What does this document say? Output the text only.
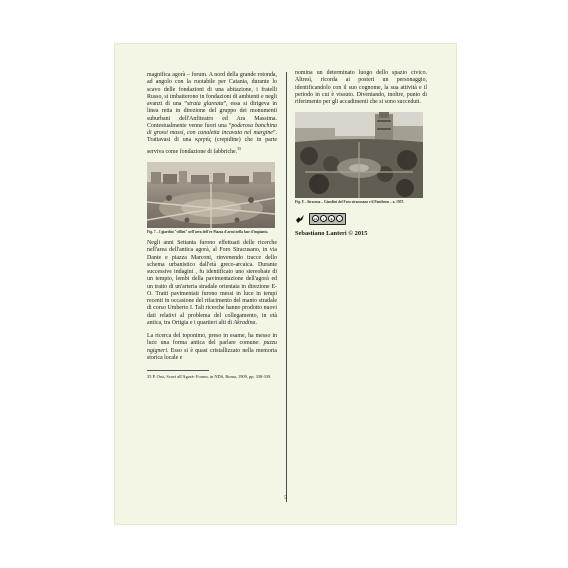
magnifica agorà – forum. A nord della grande rotonda, ad angolo con la ruotabile per Catania, durante lo scavo delle fondazioni di una abitazione, i fratelli Russo, si imbatterono in fondazioni di ambienti e negli avanzi di una “strata glareata”, essa si dirigeva in linea retta in direzione del gruppo dei monumenti suburbani dell'Anfiteatro ed Ara Massima. Contestualmente venne fuori una “poderosa banchina di grossi massi, con canaletta incavata nel margine”. Trattavasi di una κρηπίς (crepidine) che in parte serviva come fondazione di fabbriche.$^{35}$

Fig. 7 – I giardini "villini" nell'area dell'ex Piazza d'armi nella fase d'impianto.

Negli anni Settanta furono effettuati delle ricerche nell'area dell'antica agorà, al Foro Siracusano, in via Dante e piazza Marconi, rinvenendo tracce dello schema urbanistico dall'età greco-arcaica. Durante successive indagini , fu identificato uno stereobate di un tempio, lembi della pavimentazione dell'agorà ed un tratto di un'arteria stradale orientata in direzione E-O. Tratti pavimentati furono messi in luce in tempi recenti in occasione del rifacimento del manto stradale di corso Umberto I. Tali ricerche hanno prodotto nuovi dati relativi al problema del collegamento, in età antica, tra Ortigia e i quartieri alti di Akradina.

La ricerca del toponimo, preso in esame, ha messo in luce una forma antica del parlare comune: puzzu ngigneri. Esso si è quasi cristallizzato nella memoria storica locale e

35 P. Orsi, Scavi all'Agorà- Forum, in NDS, Roma, 1909, pp. 338-339.

nomina un determinato luogo dello spazio civico. Altresì, ricorda ai posteri un personaggio, identificandolo con il suo cognome, la sua attività e il periodo in cui è vissuto. Diventando, inoltre, punto di riferimento per gli accadimenti che si sono succeduti.

Fig. 8 – Siracusa – Giardini del Foro siracusano e il Pantheon – a. 1957.

cc	i	$	=

Sebastiano Lanteri © 2015

5
